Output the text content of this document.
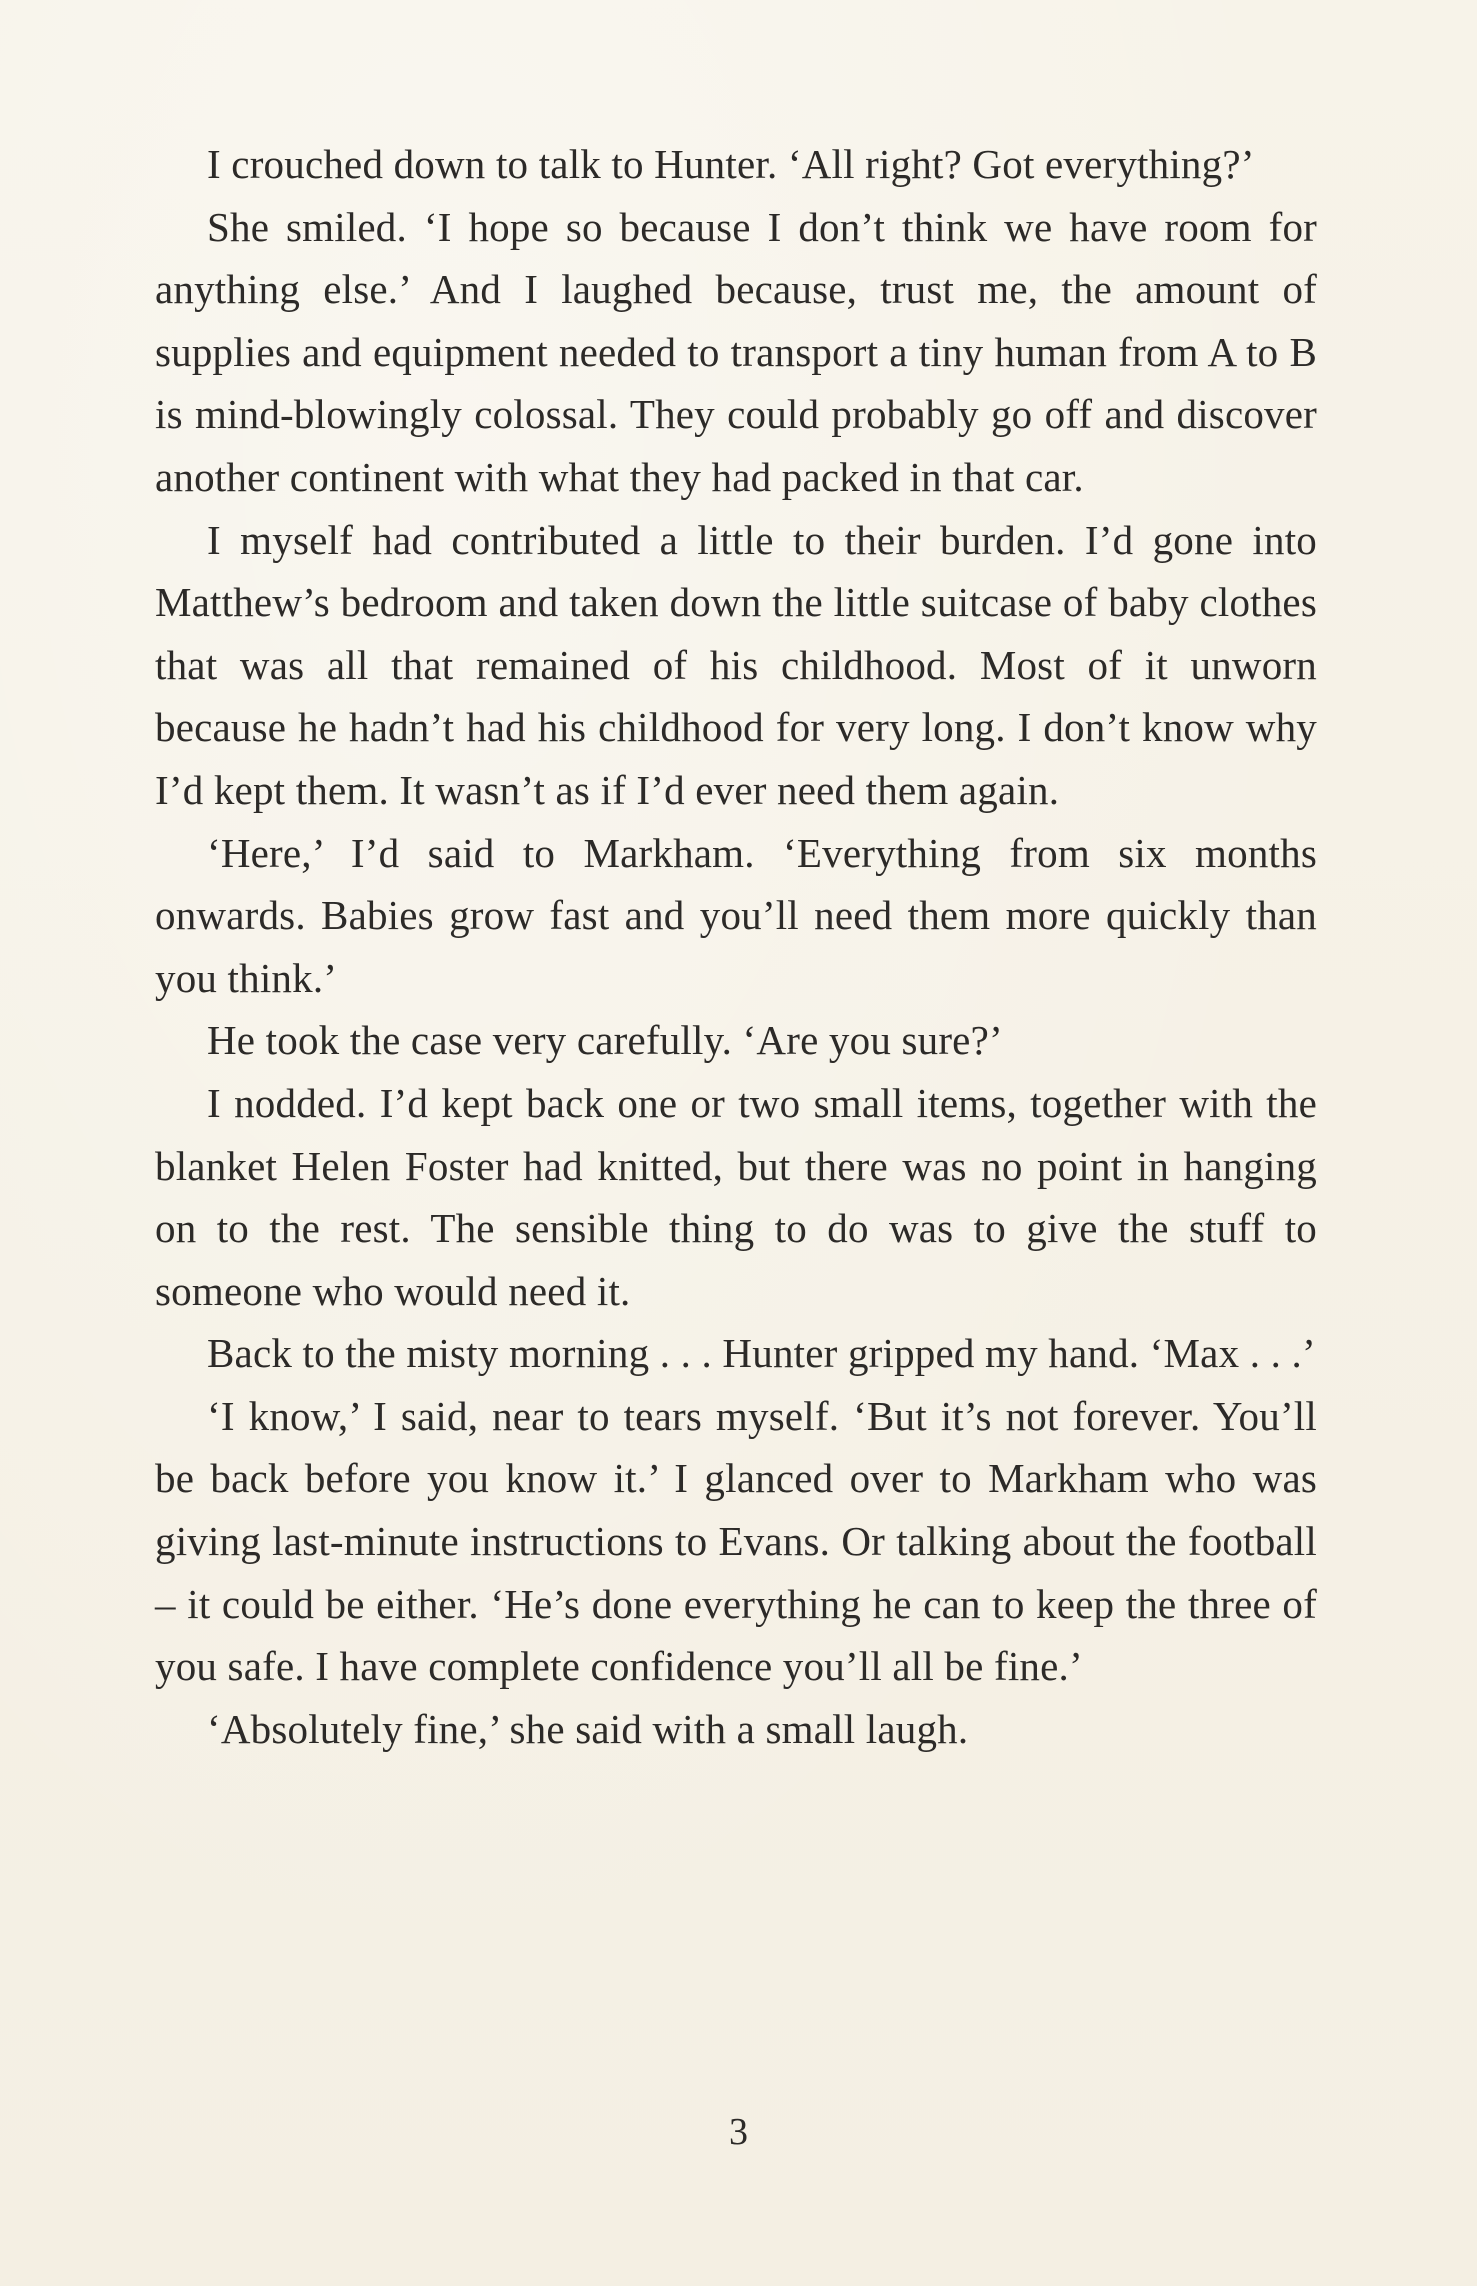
I crouched down to talk to Hunter. ‘All right? Got everything?’

She smiled. ‘I hope so because I don’t think we have room for anything else.’ And I laughed because, trust me, the amount of supplies and equipment needed to transport a tiny human from A to B is mind-blowingly colossal. They could probably go off and discover another continent with what they had packed in that car.

I myself had contributed a little to their burden. I’d gone into Matthew’s bedroom and taken down the little suitcase of baby clothes that was all that remained of his childhood. Most of it unworn because he hadn’t had his childhood for very long. I don’t know why I’d kept them. It wasn’t as if I’d ever need them again.

‘Here,’ I’d said to Markham. ‘Everything from six months onwards. Babies grow fast and you’ll need them more quickly than you think.’

He took the case very carefully. ‘Are you sure?’

I nodded. I’d kept back one or two small items, together with the blanket Helen Foster had knitted, but there was no point in hanging on to the rest. The sensible thing to do was to give the stuff to someone who would need it.

Back to the misty morning . . . Hunter gripped my hand. ‘Max . . .’

‘I know,’ I said, near to tears myself. ‘But it’s not forever. You’ll be back before you know it.’ I glanced over to Markham who was giving last-minute instructions to Evans. Or talking about the football – it could be either. ‘He’s done everything he can to keep the three of you safe. I have complete confidence you’ll all be fine.’

‘Absolutely fine,’ she said with a small laugh.

3
